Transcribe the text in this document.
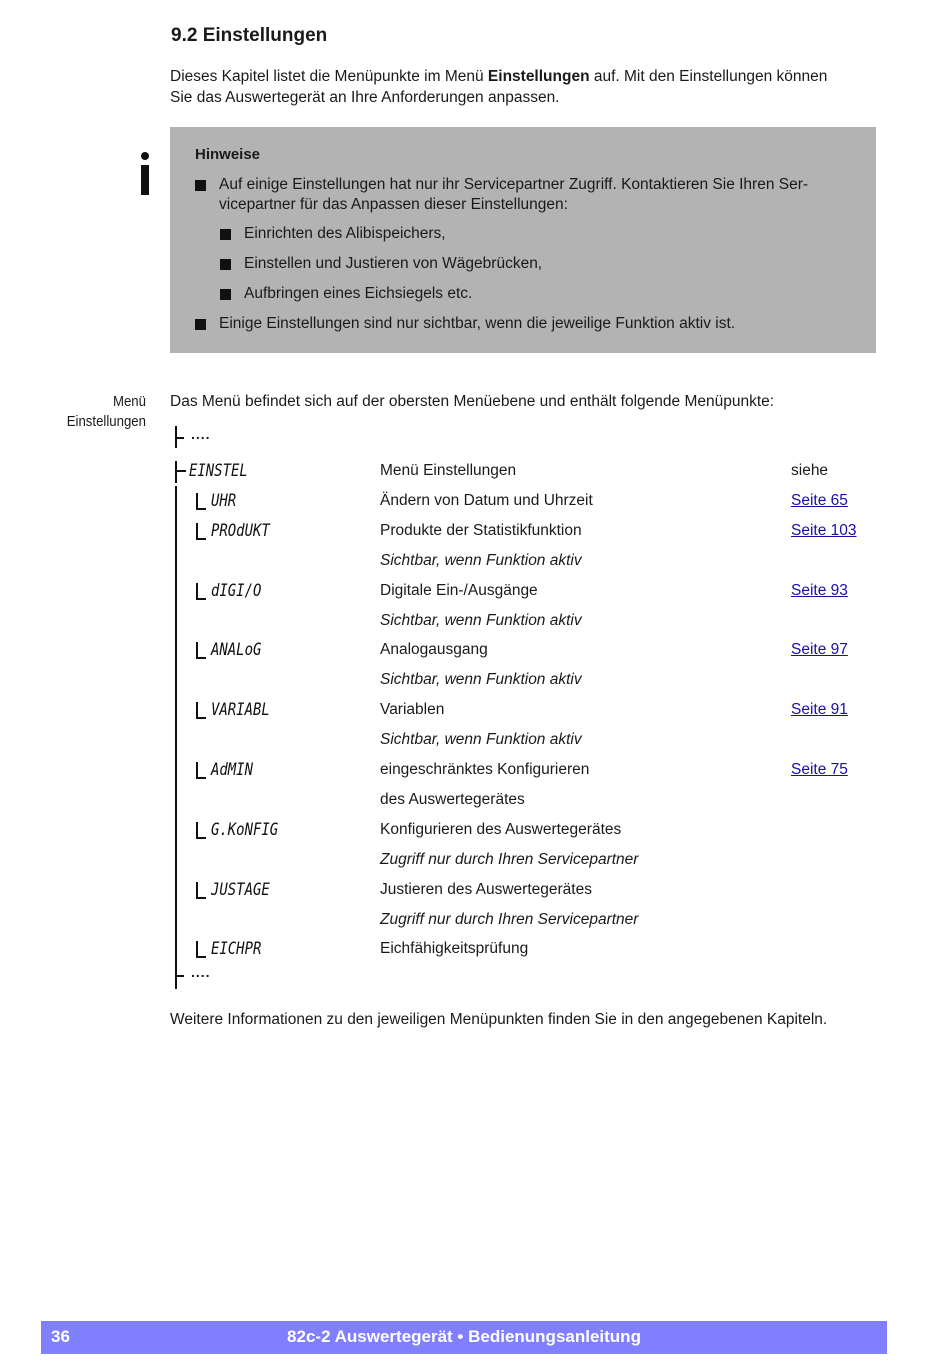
9.2 Einstellungen
Dieses Kapitel listet die Menüpunkte im Menü Einstellungen auf. Mit den Einstellungen können
Sie das Auswertegerät an Ihre Anforderungen anpassen.
Hinweise
Auf einige Einstellungen hat nur ihr Servicepartner Zugriff. Kontaktieren Sie Ihren Ser-
vicepartner für das Anpassen dieser Einstellungen:
Einrichten des Alibispeichers,
Einstellen und Justieren von Wägebrücken,
Aufbringen eines Eichsiegels etc.
Einige Einstellungen sind nur sichtbar, wenn die jeweilige Funktion aktiv ist.
Menü
Einstellungen
Das Menü befindet sich auf der obersten Menüebene und enthält folgende Menüpunkte:
....
....
EINSTEL	Menü Einstellungen	siehe
UHR	Ändern von Datum und Uhrzeit	Seite 65
PROdUKT	Produkte der Statistikfunktion	Seite 103
Sichtbar, wenn Funktion aktiv
dIGI/O	Digitale Ein-/Ausgänge	Seite 93
Sichtbar, wenn Funktion aktiv
ANALoG	Analogausgang	Seite 97
Sichtbar, wenn Funktion aktiv
VARIABL	Variablen	Seite 91
Sichtbar, wenn Funktion aktiv
AdMIN	eingeschränktes Konfigurieren	Seite 75
des Auswertegerätes
G.KoNFIG	Konfigurieren des Auswertegerätes
Zugriff nur durch Ihren Servicepartner
JUSTAGE	Justieren des Auswertegerätes
Zugriff nur durch Ihren Servicepartner
EICHPR	Eichfähigkeitsprüfung
Weitere Informationen zu den jeweiligen Menüpunkten finden Sie in den angegebenen Kapiteln.
82c-2 Auswertegerät • Bedienungsanleitung
36
